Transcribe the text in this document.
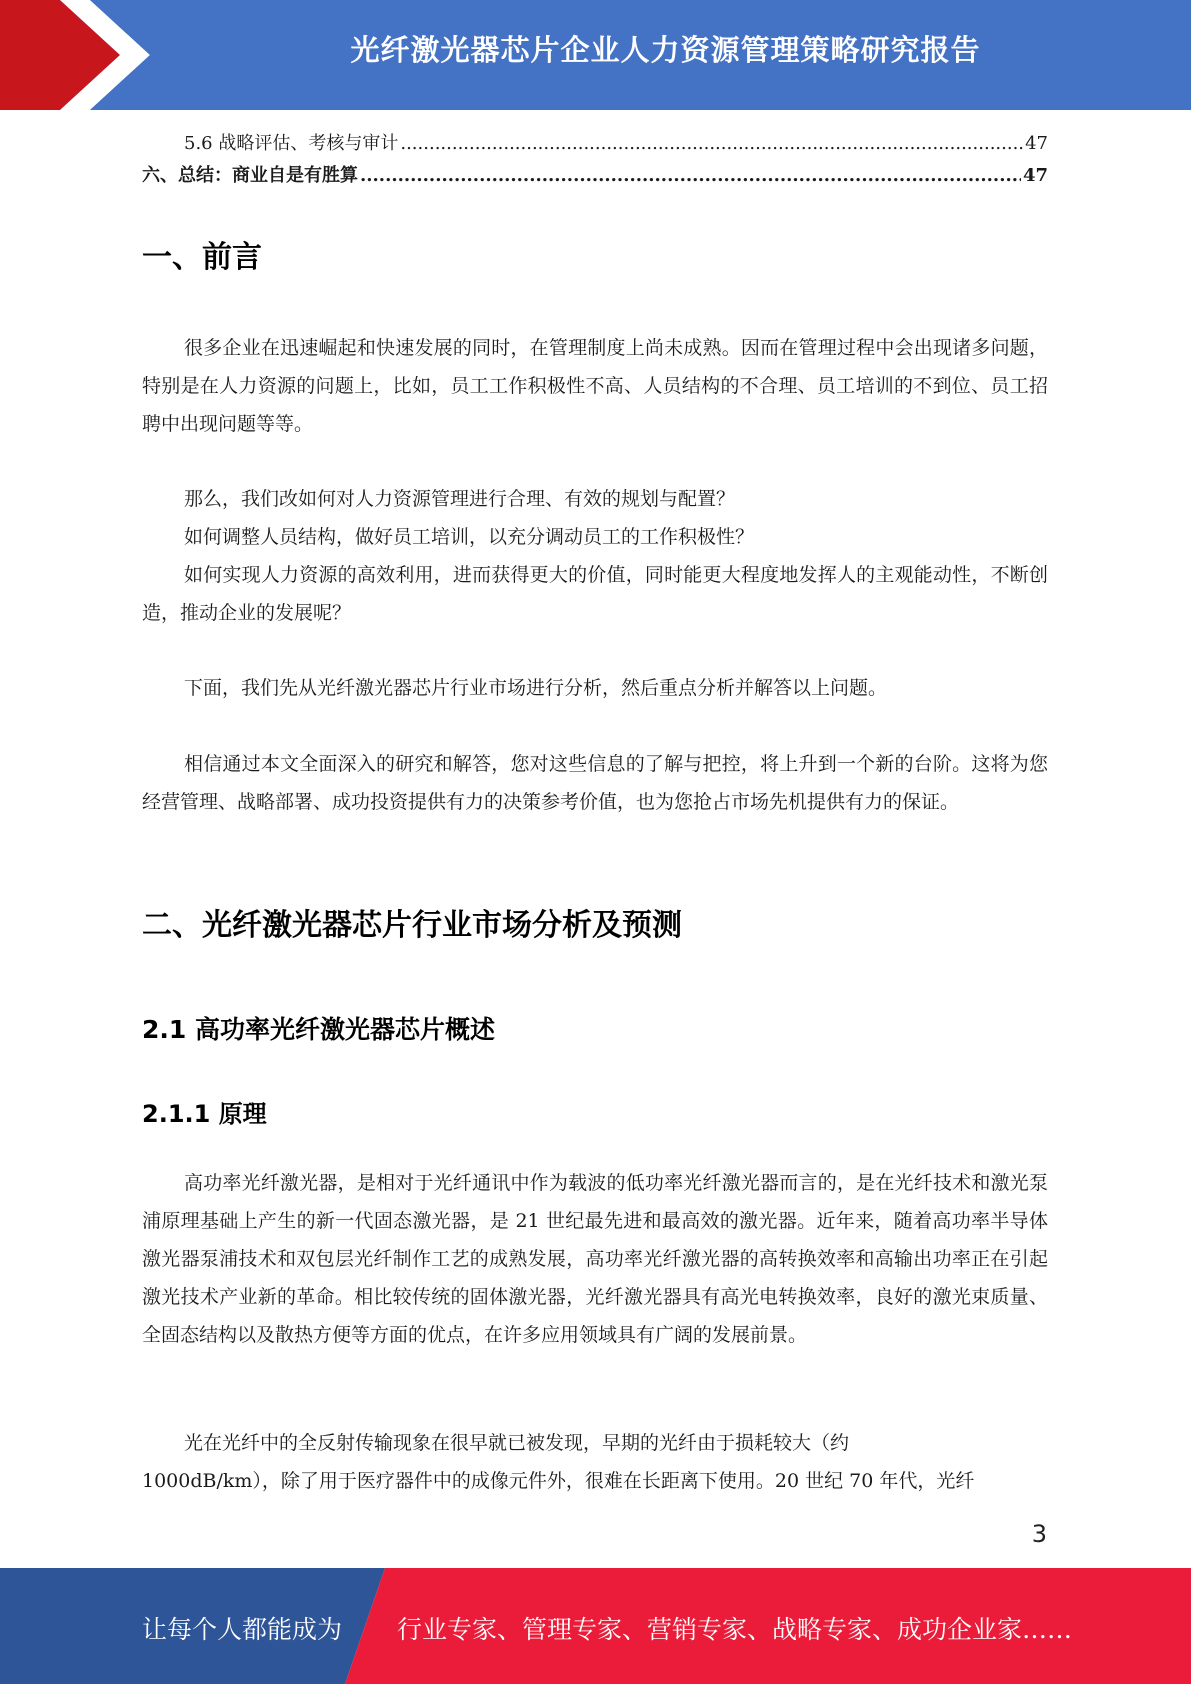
光纤激光器芯片企业人力资源管理策略研究报告
5.6 战略评估、考核与审计 .....	47
六、总结：商业自是有胜算 .....	47
一、前言

很多企业在迅速崛起和快速发展的同时，在管理制度上尚未成熟。因而在管理过程中会出现诸多问题，特别是在人力资源的问题上，比如，员工工作积极性不高、人员结构的不合理、员工培训的不到位、员工招聘中出现问题等等。

那么，我们改如何对人力资源管理进行合理、有效的规划与配置？

如何调整人员结构，做好员工培训，以充分调动员工的工作积极性？

如何实现人力资源的高效利用，进而获得更大的价值，同时能更大程度地发挥人的主观能动性，不断创造，推动企业的发展呢？

下面，我们先从光纤激光器芯片行业市场进行分析，然后重点分析并解答以上问题。

相信通过本文全面深入的研究和解答，您对这些信息的了解与把控，将上升到一个新的台阶。这将为您经营管理、战略部署、成功投资提供有力的决策参考价值，也为您抢占市场先机提供有力的保证。

二、光纤激光器芯片行业市场分析及预测
2.1 高功率光纤激光器芯片概述
2.1.1 原理

高功率光纤激光器，是相对于光纤通讯中作为载波的低功率光纤激光器而言的，是在光纤技术和激光泵浦原理基础上产生的新一代固态激光器，是 21 世纪最先进和最高效的激光器。近年来，随着高功率半导体激光器泵浦技术和双包层光纤制作工艺的成熟发展，高功率光纤激光器的高转换效率和高输出功率正在引起激光技术产业新的革命。相比较传统的固体激光器，光纤激光器具有高光电转换效率，良好的激光束质量、全固态结构以及散热方便等方面的优点，在许多应用领域具有广阔的发展前景。

光在光纤中的全反射传输现象在很早就已被发现，早期的光纤由于损耗较大（约

1000dB/km），除了用于医疗器件中的成像元件外，很难在长距离下使用。20 世纪 70 年代，光纤

3
让每个人都能成为 行业专家、管理专家、营销专家、战略专家、成功企业家……
